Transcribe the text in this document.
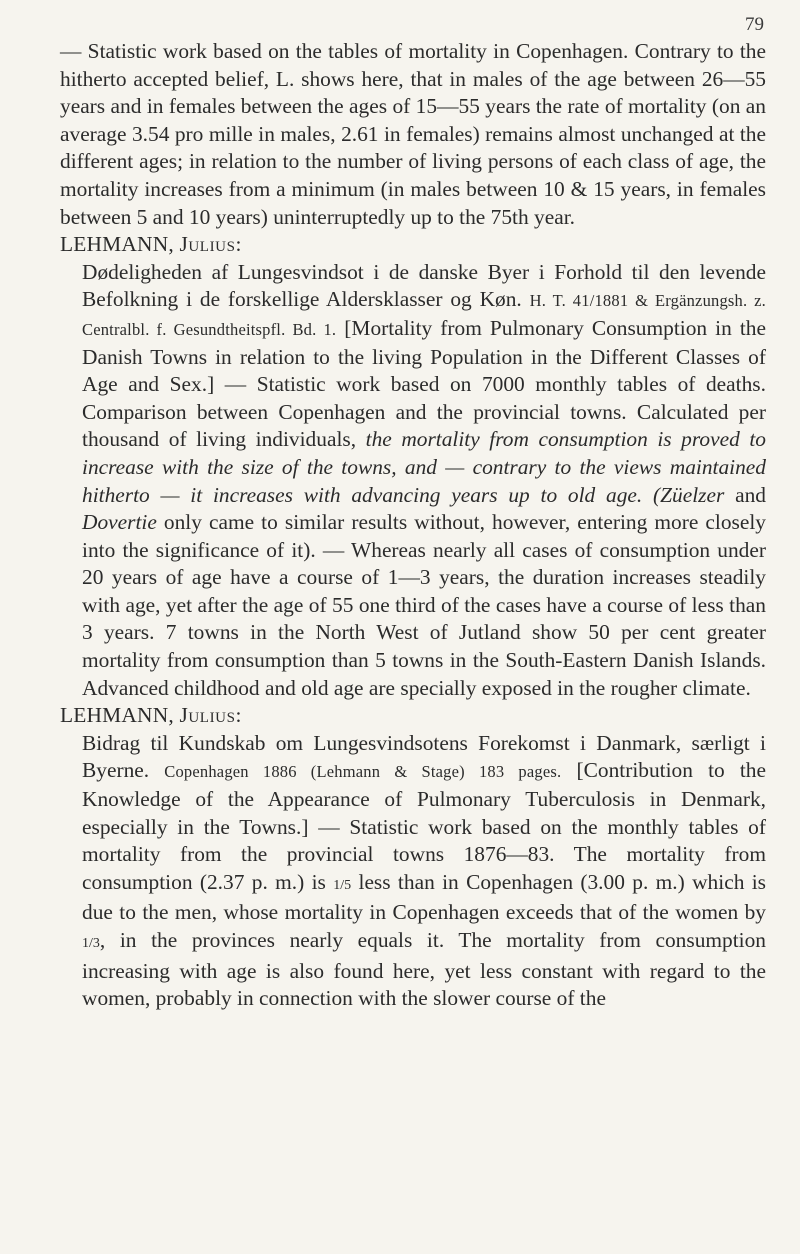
79

— Statistic work based on the tables of mortality in Copenhagen. Contrary to the hitherto accepted belief, L. shows here, that in males of the age between 26—55 years and in females between the ages of 15—55 years the rate of mortality (on an average 3.54 pro mille in males, 2.61 in females) remains almost unchanged at the different ages; in relation to the number of living persons of each class of age, the mortality increases from a minimum (in males between 10 & 15 years, in females between 5 and 10 years) uninterruptedly up to the 75th year.

LEHMANN, Julius:

Dødeligheden af Lungesvindsot i de danske Byer i Forhold til den levende Befolkning i de forskellige Aldersklasser og Køn. H. T. 41/1881 & Ergänzungsh. z. Centralbl. f. Gesundtheitspfl. Bd. 1. [Mortality from Pulmonary Consumption in the Danish Towns in relation to the living Population in the Different Classes of Age and Sex.] — Statistic work based on 7000 monthly tables of deaths. Comparison between Copenhagen and the provincial towns. Calculated per thousand of living individuals, the mortality from consumption is proved to increase with the size of the towns, and — contrary to the views maintained hitherto — it increases with advancing years up to old age. (Züelzer and Dovertie only came to similar results without, however, entering more closely into the significance of it). — Whereas nearly all cases of consumption under 20 years of age have a course of 1—3 years, the duration increases steadily with age, yet after the age of 55 one third of the cases have a course of less than 3 years. 7 towns in the North West of Jutland show 50 per cent greater mortality from consumption than 5 towns in the South-Eastern Danish Islands. Advanced childhood and old age are specially exposed in the rougher climate.

LEHMANN, Julius:

Bidrag til Kundskab om Lungesvindsotens Forekomst i Danmark, særligt i Byerne. Copenhagen 1886 (Lehmann & Stage) 183 pages. [Contribution to the Knowledge of the Appearance of Pulmonary Tuberculosis in Denmark, especially in the Towns.] — Statistic work based on the monthly tables of mortality from the provincial towns 1876—83. The mortality from consumption (2.37 p. m.) is 1/5 less than in Copenhagen (3.00 p. m.) which is due to the men, whose mortality in Copenhagen exceeds that of the women by 1/3, in the provinces nearly equals it. The mortality from consumption increasing with age is also found here, yet less constant with regard to the women, probably in connection with the slower course of the
